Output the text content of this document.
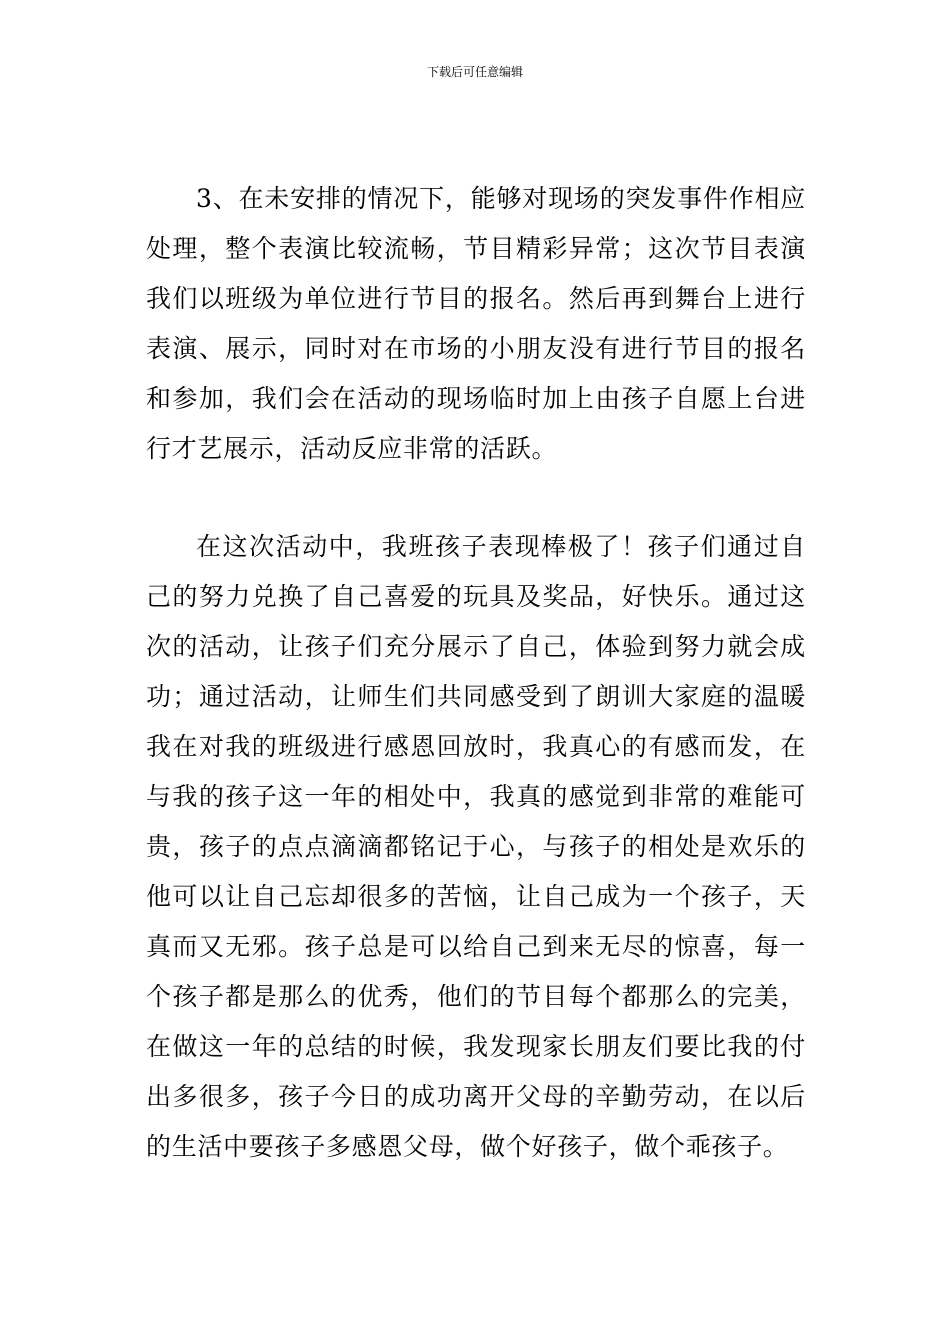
下载后可任意编辑

3、在未安排的情况下，能够对现场的突发事件作相应处理，整个表演比较流畅，节目精彩异常；这次节目表演我们以班级为单位进行节目的报名。然后再到舞台上进行表演、展示，同时对在市场的小朋友没有进行节目的报名和参加，我们会在活动的现场临时加上由孩子自愿上台进行才艺展示，活动反应非常的活跃。

在这次活动中，我班孩子表现棒极了！孩子们通过自己的努力兑换了自己喜爱的玩具及奖品，好快乐。通过这次的活动，让孩子们充分展示了自己，体验到努力就会成功；通过活动，让师生们共同感受到了朗训大家庭的温暖我在对我的班级进行感恩回放时，我真心的有感而发，在与我的孩子这一年的相处中，我真的感觉到非常的难能可贵，孩子的点点滴滴都铭记于心，与孩子的相处是欢乐的他可以让自己忘却很多的苦恼，让自己成为一个孩子，天真而又无邪。孩子总是可以给自己到来无尽的惊喜，每一个孩子都是那么的优秀，他们的节目每个都那么的完美，在做这一年的总结的时候，我发现家长朋友们要比我的付出多很多，孩子今日的成功离开父母的辛勤劳动，在以后的生活中要孩子多感恩父母，做个好孩子，做个乖孩子。
